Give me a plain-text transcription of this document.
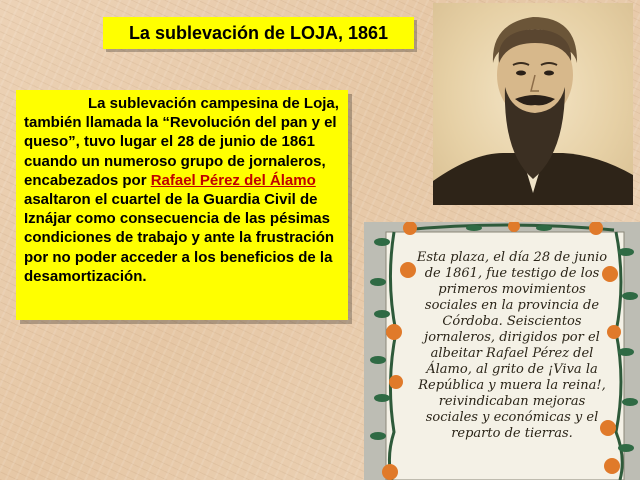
La sublevación de LOJA, 1861
La sublevación campesina de Loja, también llamada la “Revolución del pan y el queso”, tuvo lugar el 28 de junio de 1861 cuando un numeroso grupo de jornaleros, encabezados por Rafael Pérez del Álamo asaltaron el cuartel de la Guardia Civil de Iznájar como consecuencia de las pésimas condiciones de trabajo y ante la frustración por no poder acceder a los beneficios de la desamortización.
Esta plaza, el día 28 de junio de 1861, fue testigo de los primeros movimientos sociales en la provincia de Córdoba. Seiscientos jornaleros, dirigidos por el albeitar Rafael Pérez del Álamo, al grito de ¡Viva la República y muera la reina!, reivindicaban mejoras sociales y económicas y el reparto de tierras.
